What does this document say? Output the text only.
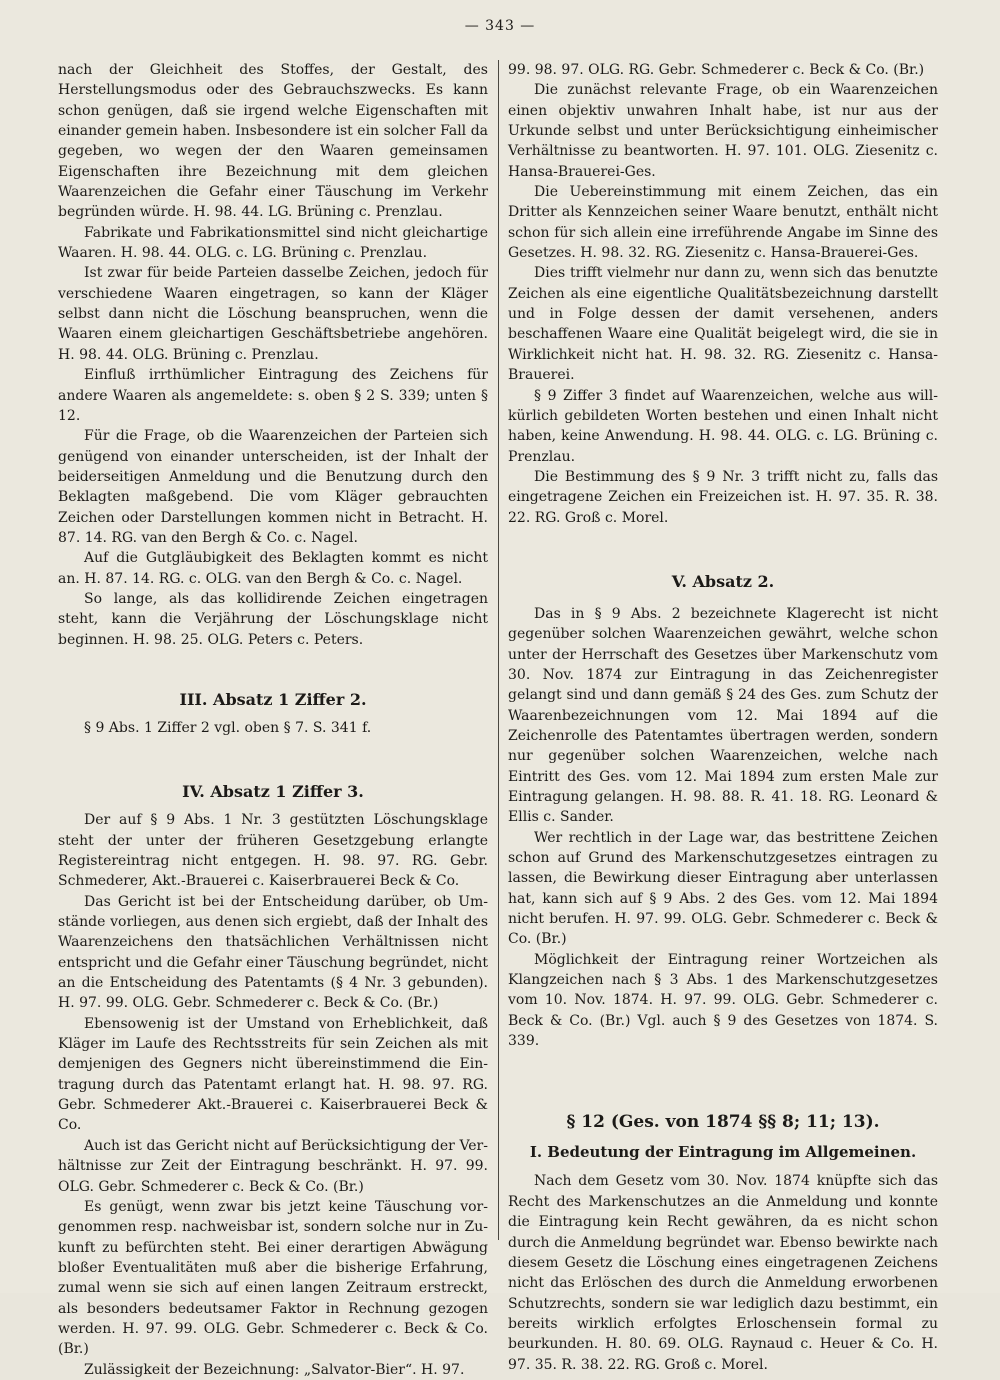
— 343 —

nach der Gleichheit des Stoffes, der Gestalt, des Herstellungsmodus oder des Gebrauchszwecks. Es kann schon genügen, daß sie irgend welche Eigenschaften mit einander gemein haben. Insbesondere ist ein solcher Fall da gegeben, wo wegen der den Waaren gemeinsamen Eigenschaften ihre Bezeichnung mit dem gleichen Waarenzeichen die Gefahr einer Täuschung im Verkehr begründen würde. H. 98. 44. LG. Brüning c. Prenzlau.

Fabrikate und Fabrikationsmittel sind nicht gleichartige Waaren. H. 98. 44. OLG. c. LG. Brüning c. Prenzlau.

Ist zwar für beide Parteien dasselbe Zeichen, jedoch für verschiedene Waaren eingetragen, so kann der Kläger selbst dann nicht die Löschung beanspruchen, wenn die Waaren einem gleichartigen Geschäftsbetriebe angehören. H. 98. 44. OLG. Brüning c. Prenzlau.

Einfluß irrthümlicher Eintragung des Zeichens für andere Waaren als angemeldete: s. oben § 2 S. 339; unten § 12.

Für die Frage, ob die Waarenzeichen der Parteien sich genügend von einander unterscheiden, ist der Inhalt der beiderseitigen Anmeldung und die Benutzung durch den Beklagten maßgebend. Die vom Kläger gebrauchten Zeichen oder Darstellungen kommen nicht in Betracht. H. 87. 14. RG. van den Bergh & Co. c. Nagel.

Auf die Gutgläubigkeit des Beklagten kommt es nicht an. H. 87. 14. RG. c. OLG. van den Bergh & Co. c. Nagel.

So lange, als das kollidirende Zeichen eingetragen steht, kann die Verjährung der Löschungsklage nicht beginnen. H. 98. 25. OLG. Peters c. Peters.

III. Absatz 1 Ziffer 2.

§ 9 Abs. 1 Ziffer 2 vgl. oben § 7. S. 341 f.

IV. Absatz 1 Ziffer 3.

Der auf § 9 Abs. 1 Nr. 3 gestützten Löschungsklage steht der unter der früheren Gesetzgebung erlangte Registereintrag nicht entgegen. H. 98. 97. RG. Gebr. Schmederer, Akt.-Brauerei c. Kaiserbrauerei Beck & Co.

Das Gericht ist bei der Entscheidung darüber, ob Umstände vorliegen, aus denen sich ergiebt, daß der Inhalt des Waarenzeichens den thatsächlichen Verhältnissen nicht entspricht und die Gefahr einer Täuschung begründet, nicht an die Entscheidung des Patentamts (§ 4 Nr. 3 gebunden). H. 97. 99. OLG. Gebr. Schmederer c. Beck & Co. (Br.)

Ebensowenig ist der Umstand von Erheblichkeit, daß Kläger im Laufe des Rechtsstreits für sein Zeichen als mit demjenigen des Gegners nicht übereinstimmend die Eintragung durch das Patentamt erlangt hat. H. 98. 97. RG. Gebr. Schmederer Akt.-Brauerei c. Kaiserbrauerei Beck & Co.

Auch ist das Gericht nicht auf Berücksichtigung der Verhältnisse zur Zeit der Eintragung beschränkt. H. 97. 99. OLG. Gebr. Schmederer c. Beck & Co. (Br.)

Es genügt, wenn zwar bis jetzt keine Täuschung vorgenommen resp. nachweisbar ist, sondern solche nur in Zukunft zu befürchten steht. Bei einer derartigen Abwägung bloßer Eventualitäten muß aber die bisherige Erfahrung, zumal wenn sie sich auf einen langen Zeitraum erstreckt, als besonders bedeutsamer Faktor in Rechnung gezogen werden. H. 97. 99. OLG. Gebr. Schmederer c. Beck & Co. (Br.)

Zulässigkeit der Bezeichnung: „Salvator-Bier“. H. 97.

99. 98. 97. OLG. RG. Gebr. Schmederer c. Beck & Co. (Br.)

Die zunächst relevante Frage, ob ein Waarenzeichen einen objektiv unwahren Inhalt habe, ist nur aus der Urkunde selbst und unter Berücksichtigung einheimischer Verhältnisse zu beantworten. H. 97. 101. OLG. Ziesenitz c. Hansa-Brauerei-Ges.

Die Uebereinstimmung mit einem Zeichen, das ein Dritter als Kennzeichen seiner Waare benutzt, enthält nicht schon für sich allein eine irreführende Angabe im Sinne des Gesetzes. H. 98. 32. RG. Ziesenitz c. Hansa-Brauerei-Ges.

Dies trifft vielmehr nur dann zu, wenn sich das benutzte Zeichen als eine eigentliche Qualitätsbezeichnung darstellt und in Folge dessen der damit versehenen, anders beschaffenen Waare eine Qualität beigelegt wird, die sie in Wirklichkeit nicht hat. H. 98. 32. RG. Ziesenitz c. Hansa-Brauerei.

§ 9 Ziffer 3 findet auf Waarenzeichen, welche aus willkürlich gebildeten Worten bestehen und einen Inhalt nicht haben, keine Anwendung. H. 98. 44. OLG. c. LG. Brüning c. Prenzlau.

Die Bestimmung des § 9 Nr. 3 trifft nicht zu, falls das eingetragene Zeichen ein Freizeichen ist. H. 97. 35. R. 38. 22. RG. Groß c. Morel.

V. Absatz 2.

Das in § 9 Abs. 2 bezeichnete Klagerecht ist nicht gegenüber solchen Waarenzeichen gewährt, welche schon unter der Herrschaft des Gesetzes über Markenschutz vom 30. Nov. 1874 zur Eintragung in das Zeichenregister gelangt sind und dann gemäß § 24 des Ges. zum Schutz der Waarenbezeichnungen vom 12. Mai 1894 auf die Zeichenrolle des Patentamtes übertragen werden, sondern nur gegenüber solchen Waarenzeichen, welche nach Eintritt des Ges. vom 12. Mai 1894 zum ersten Male zur Eintragung gelangen. H. 98. 88. R. 41. 18. RG. Leonard & Ellis c. Sander.

Wer rechtlich in der Lage war, das bestrittene Zeichen schon auf Grund des Markenschutzgesetzes eintragen zu lassen, die Bewirkung dieser Eintragung aber unterlassen hat, kann sich auf § 9 Abs. 2 des Ges. vom 12. Mai 1894 nicht berufen. H. 97. 99. OLG. Gebr. Schmederer c. Beck & Co. (Br.)

Möglichkeit der Eintragung reiner Wortzeichen als Klangzeichen nach § 3 Abs. 1 des Markenschutzgesetzes vom 10. Nov. 1874. H. 97. 99. OLG. Gebr. Schmederer c. Beck & Co. (Br.) Vgl. auch § 9 des Gesetzes von 1874. S. 339.

§ 12 (Ges. von 1874 §§ 8; 11; 13).
I. Bedeutung der Eintragung im Allgemeinen.

Nach dem Gesetz vom 30. Nov. 1874 knüpfte sich das Recht des Markenschutzes an die Anmeldung und konnte die Eintragung kein Recht gewähren, da es nicht schon durch die Anmeldung begründet war. Ebenso bewirkte nach diesem Gesetz die Löschung eines eingetragenen Zeichens nicht das Erlöschen des durch die Anmeldung erworbenen Schutzrechts, sondern sie war lediglich dazu bestimmt, ein bereits wirklich erfolgtes Erloschensein formal zu beurkunden. H. 80. 69. OLG. Raynaud c. Heuer & Co. H. 97. 35. R. 38. 22. RG. Groß c. Morel.
